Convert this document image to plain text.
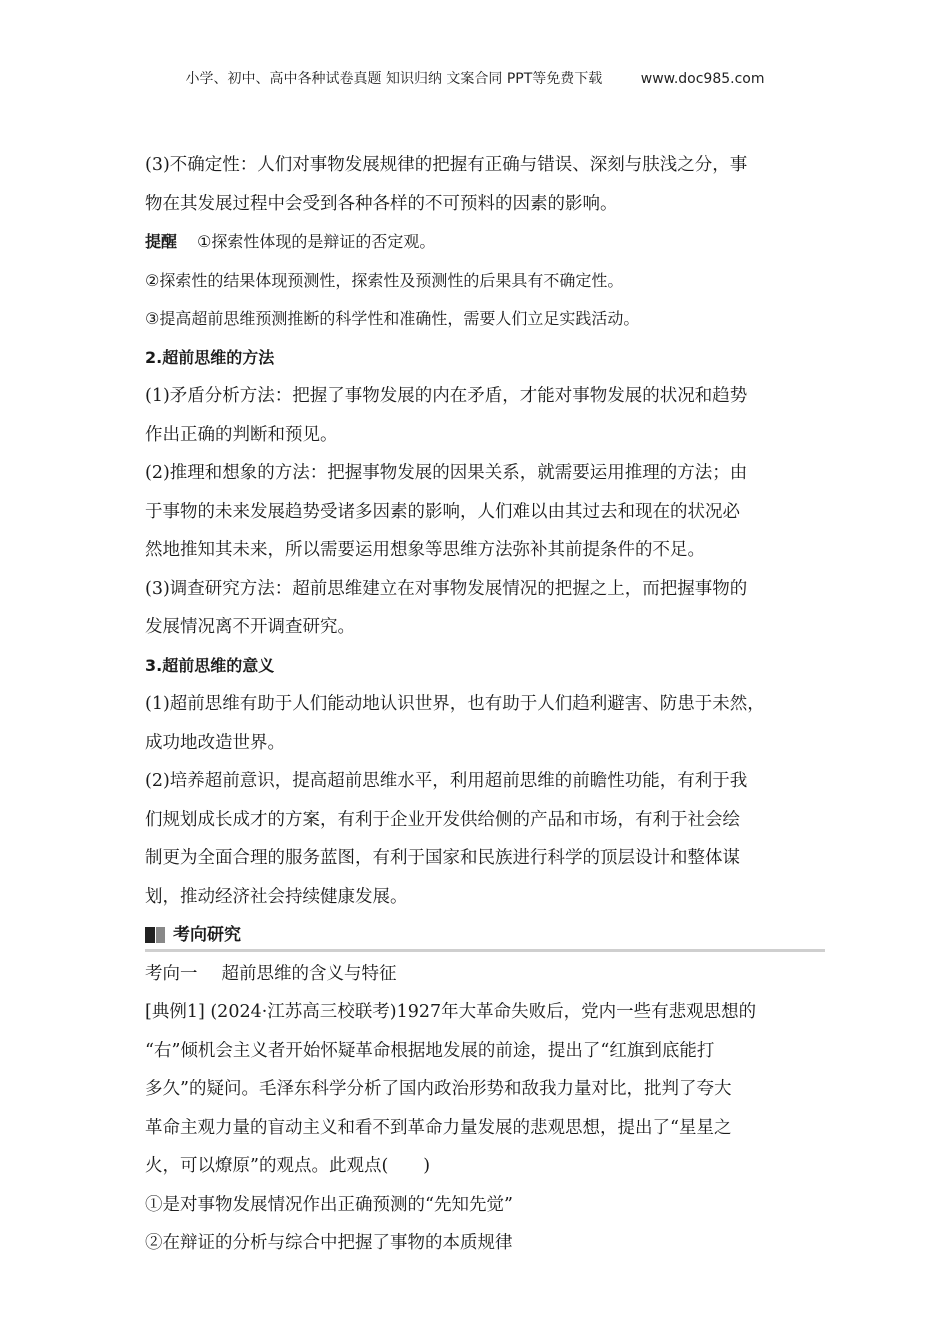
小学、初中、高中各种试卷真题 知识归纳 文案合同 PPT等免费下载	www.doc985.com

(3)不确定性：人们对事物发展规律的把握有正确与错误、深刻与肤浅之分，事

物在其发展过程中会受到各种各样的不可预料的因素的影响。

提醒 ①探索性体现的是辩证的否定观。

②探索性的结果体现预测性，探索性及预测性的后果具有不确定性。

③提高超前思维预测推断的科学性和准确性，需要人们立足实践活动。

2.超前思维的方法

(1)矛盾分析方法：把握了事物发展的内在矛盾，才能对事物发展的状况和趋势

作出正确的判断和预见。

(2)推理和想象的方法：把握事物发展的因果关系，就需要运用推理的方法；由

于事物的未来发展趋势受诸多因素的影响，人们难以由其过去和现在的状况必

然地推知其未来，所以需要运用想象等思维方法弥补其前提条件的不足。

(3)调查研究方法：超前思维建立在对事物发展情况的把握之上，而把握事物的

发展情况离不开调查研究。

3.超前思维的意义

(1)超前思维有助于人们能动地认识世界，也有助于人们趋利避害、防患于未然，

成功地改造世界。

(2)培养超前意识，提高超前思维水平，利用超前思维的前瞻性功能，有利于我

们规划成长成才的方案，有利于企业开发供给侧的产品和市场，有利于社会绘

制更为全面合理的服务蓝图，有利于国家和民族进行科学的顶层设计和整体谋

划，推动经济社会持续健康发展。

考向研究

考向一 超前思维的含义与特征

[典例1] (2024·江苏高三校联考)1927年大革命失败后，党内一些有悲观思想的

“右”倾机会主义者开始怀疑革命根据地发展的前途，提出了“红旗到底能打

多久”的疑问。毛泽东科学分析了国内政治形势和敌我力量对比，批判了夸大

革命主观力量的盲动主义和看不到革命力量发展的悲观思想，提出了“星星之

火，可以燎原”的观点。此观点(　　)

①是对事物发展情况作出正确预测的“先知先觉”

②在辩证的分析与综合中把握了事物的本质规律
